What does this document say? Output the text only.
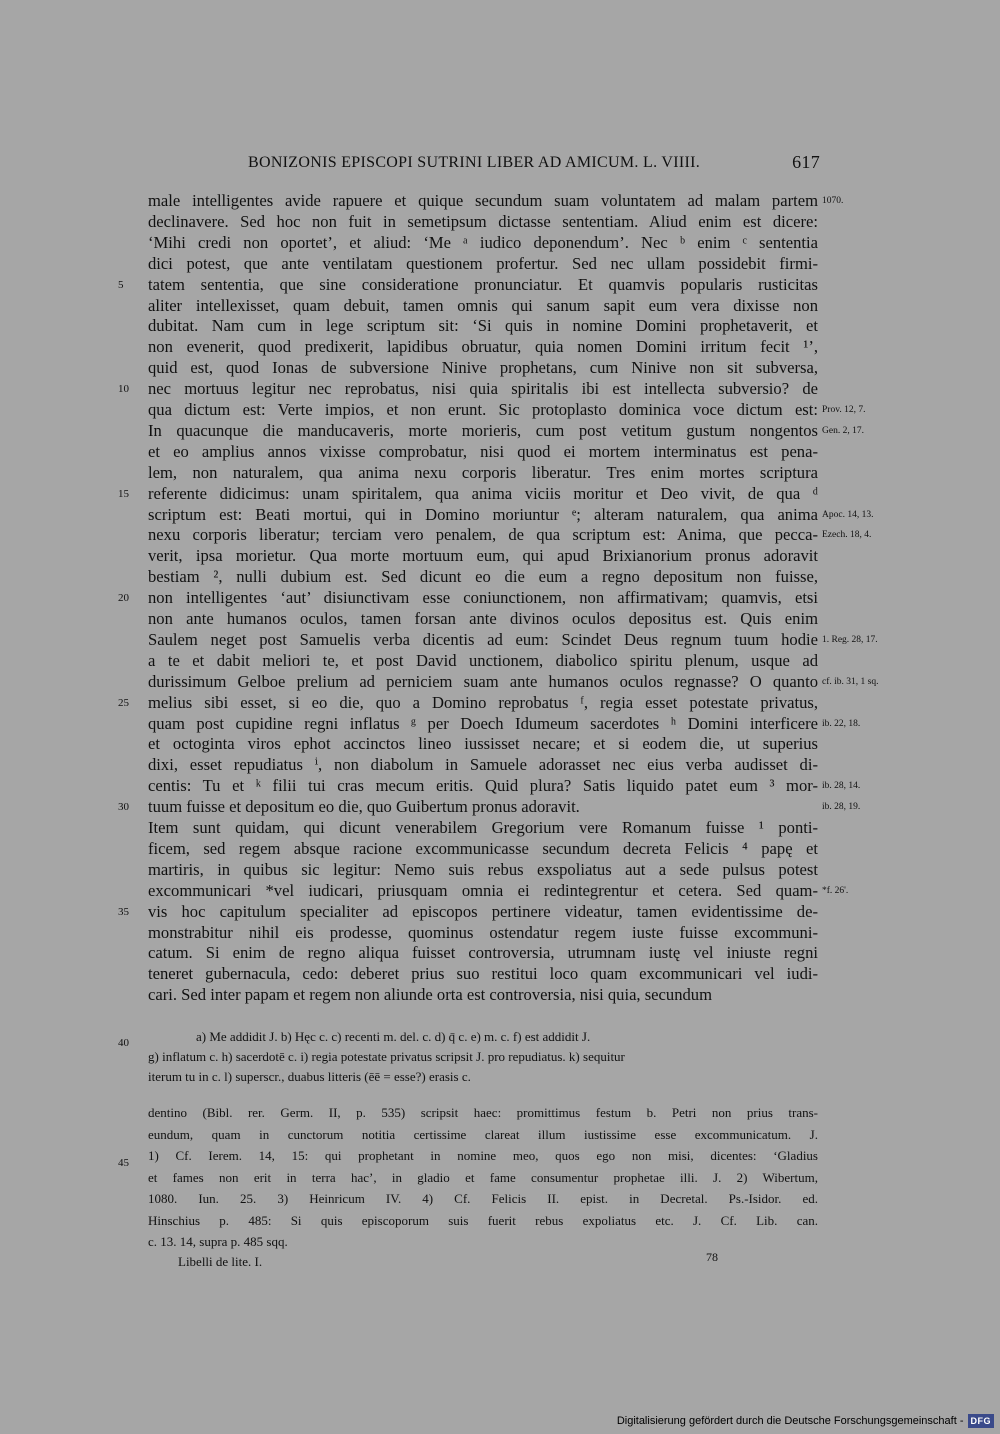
BONIZONIS EPISCOPI SUTRINI LIBER AD AMICUM. L. VIIII.	617
male intelligentes avide rapuere et quique secundum suam voluntatem ad malam partem
declinavere. Sed hoc non fuit in semetipsum dictasse sententiam. Aliud enim est dicere:
‘Mihi credi non oportet’, et aliud: ‘Me ᵃ iudico deponendum’. Nec ᵇ enim ᶜ sententia
dici potest, que ante ventilatam questionem profertur. Sed nec ullam possidebit firmi-
tatem sententia, que sine consideratione pronunciatur. Et quamvis popularis rusticitas
aliter intellexisset, quam debuit, tamen omnis qui sanum sapit eum vera dixisse non
dubitat. Nam cum in lege scriptum sit: ‘Si quis in nomine Domini prophetaverit, et
non evenerit, quod predixerit, lapidibus obruatur, quia nomen Domini irritum fecit ¹’,
quid est, quod Ionas de subversione Ninive prophetans, cum Ninive non sit subversa,
nec mortuus legitur nec reprobatus, nisi quia spiritalis ibi est intellecta subversio? de
qua dictum est: Verte impios, et non erunt. Sic protoplasto dominica voce dictum est:
In quacunque die manducaveris, morte morieris, cum post vetitum gustum nongentos
et eo amplius annos vixisse comprobatur, nisi quod ei mortem interminatus est pena-
lem, non naturalem, qua anima nexu corporis liberatur. Tres enim mortes scriptura
referente didicimus: unam spiritalem, qua anima viciis moritur et Deo vivit, de qua ᵈ
scriptum est: Beati mortui, qui in Domino moriuntur ᵉ; alteram naturalem, qua anima
nexu corporis liberatur; terciam vero penalem, de qua scriptum est: Anima, que pecca-
verit, ipsa morietur. Qua morte mortuum eum, qui apud Brixianorium pronus adoravit
bestiam ², nulli dubium est. Sed dicunt eo die eum a regno depositum non fuisse,
non intelligentes ‘aut’ disiunctivam esse coniunctionem, non affirmativam; quamvis, etsi
non ante humanos oculos, tamen forsan ante divinos oculos depositus est. Quis enim
Saulem neget post Samuelis verba dicentis ad eum: Scindet Deus regnum tuum hodie
a te et dabit meliori te, et post David unctionem, diabolico spiritu plenum, usque ad
durissimum Gelboe prelium ad perniciem suam ante humanos oculos regnasse? O quanto
melius sibi esset, si eo die, quo a Domino reprobatus ᶠ, regia esset potestate privatus,
quam post cupidine regni inflatus ᵍ per Doech Idumeum sacerdotes ʰ Domini interficere
et octoginta viros ephot accinctos lineo iussisset necare; et si eodem die, ut superius
dixi, esset repudiatus ⁱ, non diabolum in Samuele adorasset nec eius verba audisset di-
centis: Tu et ᵏ filii tui cras mecum eritis. Quid plura? Satis liquido patet eum ³ mor-
tuum fuisse et depositum eo die, quo Guibertum pronus adoravit.
Item sunt quidam, qui dicunt venerabilem Gregorium vere Romanum fuisse ¹ ponti-
ficem, sed regem absque racione excommunicasse secundum decreta Felicis ⁴ papę et
martiris, in quibus sic legitur: Nemo suis rebus exspoliatus aut a sede pulsus potest
excommunicari *vel iudicari, priusquam omnia ei redintegrentur et cetera. Sed quam-
vis hoc capitulum specialiter ad episcopos pertinere videatur, tamen evidentissime de-
monstrabitur nihil eis prodesse, quominus ostendatur regem iuste fuisse excommuni-
catum. Si enim de regno aliqua fuisset controversia, utrumnam iustę vel iniuste regni
teneret gubernacula, cedo: deberet prius suo restitui loco quam excommunicari vel iudi-
cari. Sed inter papam et regem non aliunde orta est controversia, nisi quia, secundum
5
10
15
20
25
30
35
40
45
1070.
Prov. 12, 7.
Gen. 2, 17.
Apoc. 14, 13.
Ezech. 18, 4.
1. Reg. 28, 17.
cf. ib. 31, 1 sq.
ib. 22, 18.
ib. 28, 14.
ib. 28, 19.
*f. 26'.
a) Me addidit J. b) Hęc c. c) recenti m. del. c. d) q̄ c. e) m. c. f) est addidit J.
g) inflatum c. h) sacerdotē c. i) regia potestate privatus scripsit J. pro repudiatus. k) sequitur
iterum tu in c. l) superscr., duabus litteris (ēē = esse?) erasis c.
dentino (Bibl. rer. Germ. II, p. 535) scripsit haec: promittimus festum b. Petri non prius trans-
eundum, quam in cunctorum notitia certissime clareat illum iustissime esse excommunicatum. J.
1) Cf. Ierem. 14, 15: qui prophetant in nomine meo, quos ego non misi, dicentes: ‘Gladius
et fames non erit in terra hac’, in gladio et fame consumentur prophetae illi. J. 2) Wibertum,
1080. Iun. 25. 3) Heinricum IV. 4) Cf. Felicis II. epist. in Decretal. Ps.-Isidor. ed.
Hinschius p. 485: Si quis episcoporum suis fuerit rebus expoliatus etc. J. Cf. Lib. can.
c. 13. 14, supra p. 485 sqq.
Libelli de lite. I.	78
Digitalisierung gefördert durch die Deutsche Forschungsgemeinschaft - DFG
